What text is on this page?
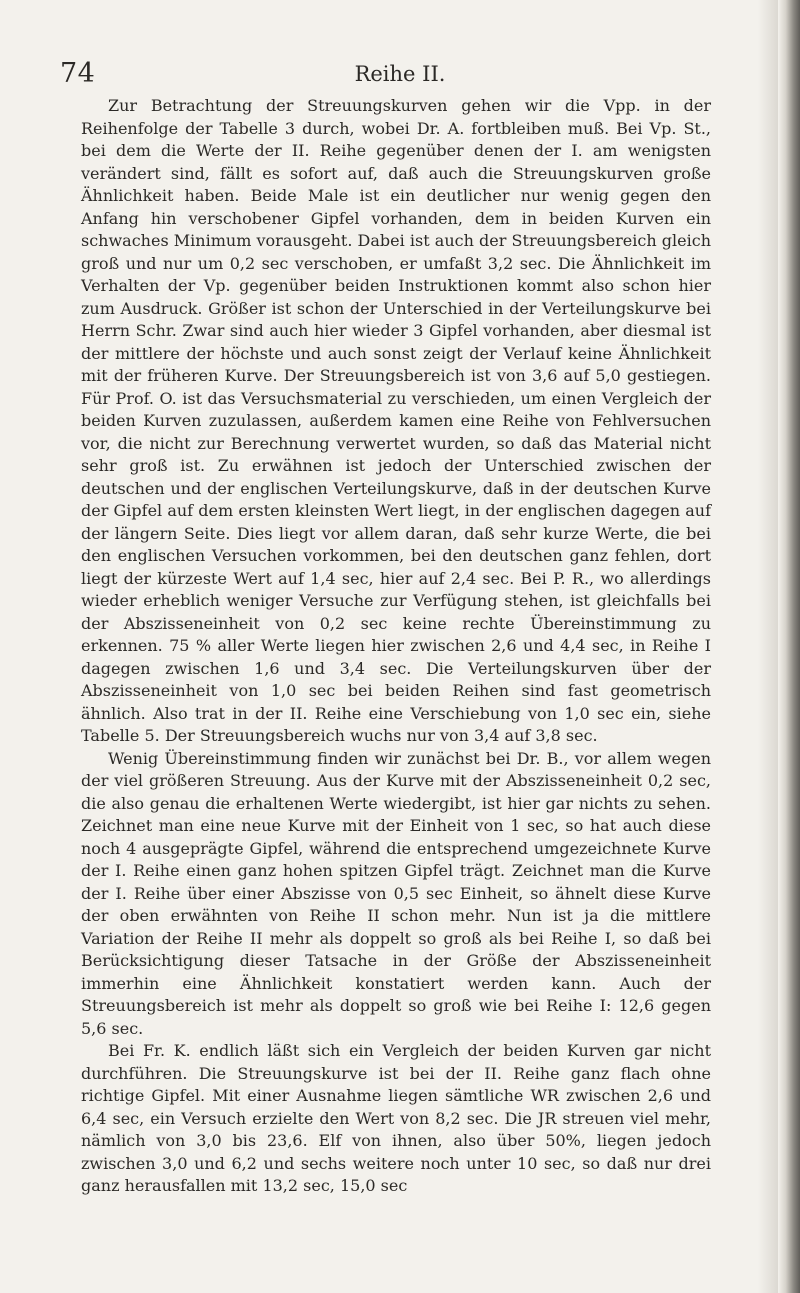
74	Reihe II.

Zur Betrachtung der Streuungskurven gehen wir die Vpp. in der Reihenfolge der Tabelle 3 durch, wobei Dr. A. fortbleiben muß. Bei Vp. St., bei dem die Werte der II. Reihe gegenüber denen der I. am wenigsten verändert sind, fällt es sofort auf, daß auch die Streuungskurven große Ähnlichkeit haben. Beide Male ist ein deutlicher nur wenig gegen den Anfang hin verschobener Gipfel vorhanden, dem in beiden Kurven ein schwaches Minimum vorausgeht. Dabei ist auch der Streuungsbereich gleich groß und nur um 0,2 sec verschoben, er umfaßt 3,2 sec. Die Ähnlichkeit im Verhalten der Vp. gegenüber beiden Instruktionen kommt also schon hier zum Ausdruck. Größer ist schon der Unterschied in der Verteilungskurve bei Herrn Schr. Zwar sind auch hier wieder 3 Gipfel vorhanden, aber diesmal ist der mittlere der höchste und auch sonst zeigt der Verlauf keine Ähnlichkeit mit der früheren Kurve. Der Streuungsbereich ist von 3,6 auf 5,0 gestiegen. Für Prof. O. ist das Versuchsmaterial zu verschieden, um einen Vergleich der beiden Kurven zuzulassen, außerdem kamen eine Reihe von Fehlversuchen vor, die nicht zur Berechnung verwertet wurden, so daß das Material nicht sehr groß ist. Zu erwähnen ist jedoch der Unterschied zwischen der deutschen und der englischen Verteilungskurve, daß in der deutschen Kurve der Gipfel auf dem ersten kleinsten Wert liegt, in der englischen dagegen auf der längern Seite. Dies liegt vor allem daran, daß sehr kurze Werte, die bei den englischen Versuchen vorkommen, bei den deutschen ganz fehlen, dort liegt der kürzeste Wert auf 1,4 sec, hier auf 2,4 sec. Bei P. R., wo allerdings wieder erheblich weniger Versuche zur Verfügung stehen, ist gleichfalls bei der Abszisseneinheit von 0,2 sec keine rechte Übereinstimmung zu erkennen. 75 % aller Werte liegen hier zwischen 2,6 und 4,4 sec, in Reihe I dagegen zwischen 1,6 und 3,4 sec. Die Verteilungskurven über der Abszisseneinheit von 1,0 sec bei beiden Reihen sind fast geometrisch ähnlich. Also trat in der II. Reihe eine Verschiebung von 1,0 sec ein, siehe Tabelle 5. Der Streuungsbereich wuchs nur von 3,4 auf 3,8 sec.

Wenig Übereinstimmung finden wir zunächst bei Dr. B., vor allem wegen der viel größeren Streuung. Aus der Kurve mit der Abszisseneinheit 0,2 sec, die also genau die erhaltenen Werte wiedergibt, ist hier gar nichts zu sehen. Zeichnet man eine neue Kurve mit der Einheit von 1 sec, so hat auch diese noch 4 ausgeprägte Gipfel, während die entsprechend umgezeichnete Kurve der I. Reihe einen ganz hohen spitzen Gipfel trägt. Zeichnet man die Kurve der I. Reihe über einer Abszisse von 0,5 sec Einheit, so ähnelt diese Kurve der oben erwähnten von Reihe II schon mehr. Nun ist ja die mittlere Variation der Reihe II mehr als doppelt so groß als bei Reihe I, so daß bei Berücksichtigung dieser Tatsache in der Größe der Abszisseneinheit immerhin eine Ähnlichkeit konstatiert werden kann. Auch der Streuungsbereich ist mehr als doppelt so groß wie bei Reihe I: 12,6 gegen 5,6 sec.

Bei Fr. K. endlich läßt sich ein Vergleich der beiden Kurven gar nicht durchführen. Die Streuungskurve ist bei der II. Reihe ganz flach ohne richtige Gipfel. Mit einer Ausnahme liegen sämtliche WR zwischen 2,6 und 6,4 sec, ein Versuch erzielte den Wert von 8,2 sec. Die JR streuen viel mehr, nämlich von 3,0 bis 23,6. Elf von ihnen, also über 50%, liegen jedoch zwischen 3,0 und 6,2 und sechs weitere noch unter 10 sec, so daß nur drei ganz herausfallen mit 13,2 sec, 15,0 sec
